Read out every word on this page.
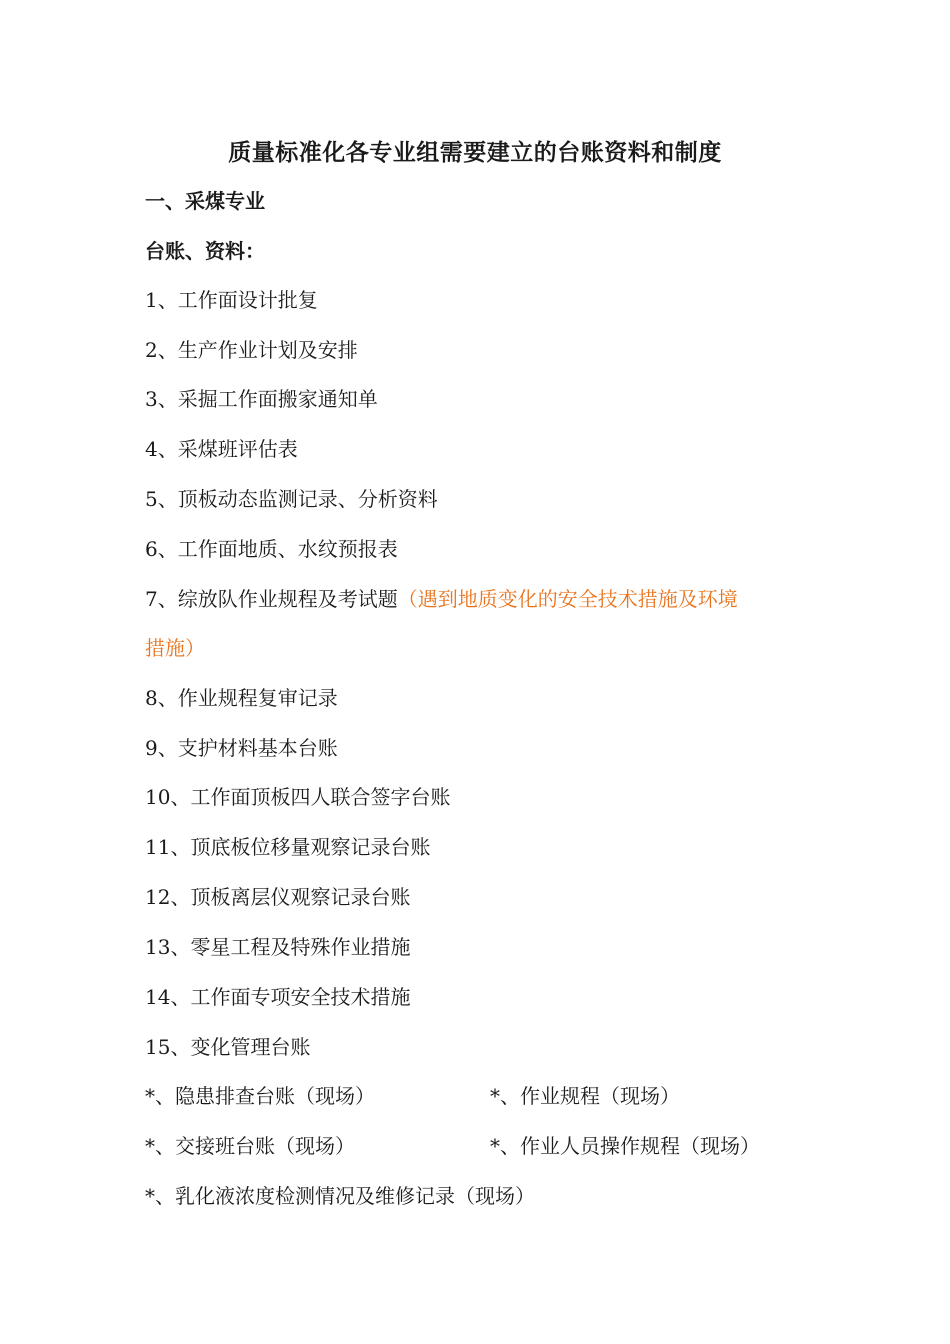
质量标准化各专业组需要建立的台账资料和制度
一、采煤专业
台账、资料：
1、工作面设计批复
2、生产作业计划及安排
3、采掘工作面搬家通知单
4、采煤班评估表
5、顶板动态监测记录、分析资料
6、工作面地质、水纹预报表
7、综放队作业规程及考试题（遇到地质变化的安全技术措施及环境
措施）
8、作业规程复审记录
9、支护材料基本台账
10、工作面顶板四人联合签字台账
11、顶底板位移量观察记录台账
12、顶板离层仪观察记录台账
13、零星工程及特殊作业措施
14、工作面专项安全技术措施
15、变化管理台账
*、隐患排查台账（现场）	*、作业规程（现场）
*、交接班台账（现场）	*、作业人员操作规程（现场）
*、乳化液浓度检测情况及维修记录（现场）
